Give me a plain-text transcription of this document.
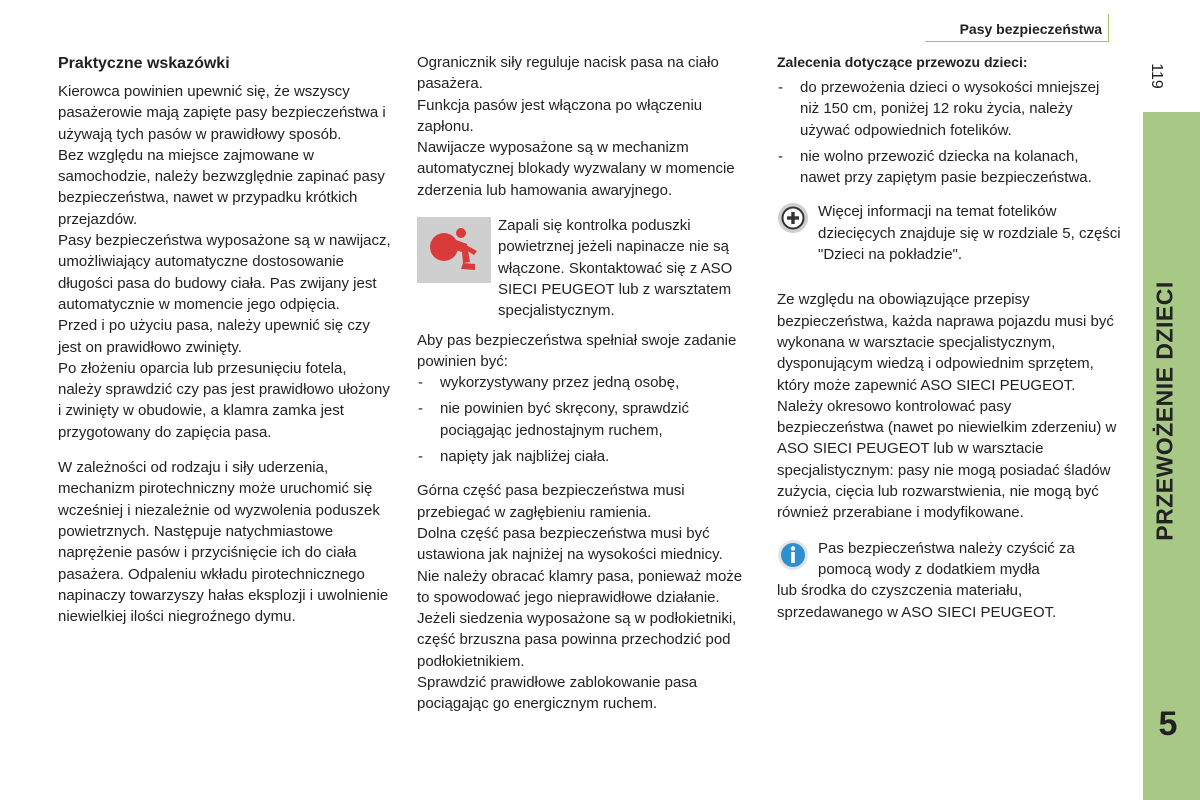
Pasy bezpieczeństwa
119
PRZEWOŻENIE DZIECI
5
Praktyczne wskazówki

Kierowca powinien upewnić się, że wszyscy pasażerowie mają zapięte pasy bezpieczeństwa i używają tych pasów w prawidłowy sposób.

Bez względu na miejsce zajmowane w samochodzie, należy bezwzględnie zapinać pasy bezpieczeństwa, nawet w przypadku krótkich przejazdów.

Pasy bezpieczeństwa wyposażone są w nawijacz, umożliwiający automatyczne dostosowanie długości pasa do budowy ciała. Pas zwijany jest automatycznie w momencie jego odpięcia.

Przed i po użyciu pasa, należy upewnić się czy jest on prawidłowo zwinięty.

Po złożeniu oparcia lub przesunięciu fotela, należy sprawdzić czy pas jest prawidłowo ułożony i zwinięty w obudowie, a klamra zamka jest przygotowany do zapięcia pasa.

W zależności od rodzaju i siły uderzenia, mechanizm pirotechniczny może uruchomić się wcześniej i niezależnie od wyzwolenia poduszek powietrznych. Następuje natychmiastowe naprężenie pasów i przyciśnięcie ich do ciała pasażera. Odpaleniu wkładu pirotechnicznego napinaczy towarzyszy hałas eksplozji i uwolnienie niewielkiej ilości niegroźnego dymu.

Ogranicznik siły reguluje nacisk pasa na ciało pasażera.

Funkcja pasów jest włączona po włączeniu zapłonu.

Nawijacze wyposażone są w mechanizm automatycznej blokady wyzwalany w momencie zderzenia lub hamowania awaryjnego.

Zapali się kontrolka poduszki powietrznej jeżeli napinacze nie są włączone. Skontaktować się z ASO SIECI PEUGEOT lub z warsztatem specjalistycznym.

Aby pas bezpieczeństwa spełniał swoje zadanie powinien być:

- wykorzystywany przez jedną osobę,
- nie powinien być skręcony, sprawdzić pociągając jednostajnym ruchem,
- napięty jak najbliżej ciała.

Górna część pasa bezpieczeństwa musi przebiegać w zagłębieniu ramienia.

Dolna część pasa bezpieczeństwa musi być ustawiona jak najniżej na wysokości miednicy.

Nie należy obracać klamry pasa, ponieważ może to spowodować jego nieprawidłowe działanie. Jeżeli siedzenia wyposażone są w podłokietniki, część brzuszna pasa powinna przechodzić pod podłokietnikiem.

Sprawdzić prawidłowe zablokowanie pasa pociągając go energicznym ruchem.

Zalecenia dotyczące przewozu dzieci:
- do przewożenia dzieci o wysokości mniejszej niż 150 cm, poniżej 12 roku życia, należy używać odpowiednich fotelików.
- nie wolno przewozić dziecka na kolanach, nawet przy zapiętym pasie bezpieczeństwa.

Więcej informacji na temat fotelików dziecięcych znajduje się w rozdziale 5, części "Dzieci na pokładzie".

Ze względu na obowiązujące przepisy bezpieczeństwa, każda naprawa pojazdu musi być wykonana w warsztacie specjalistycznym, dysponującym wiedzą i odpowiednim sprzętem, który może zapewnić ASO SIECI PEUGEOT.

Należy okresowo kontrolować pasy bezpieczeństwa (nawet po niewielkim zderzeniu) w ASO SIECI PEUGEOT lub w warsztacie specjalistycznym: pasy nie mogą posiadać śladów zużycia, cięcia lub rozwarstwienia, nie mogą być również przerabiane i modyfikowane.

Pas bezpieczeństwa należy czyścić za pomocą wody z dodatkiem mydła

lub środka do czyszczenia materiału, sprzedawanego w ASO SIECI PEUGEOT.
